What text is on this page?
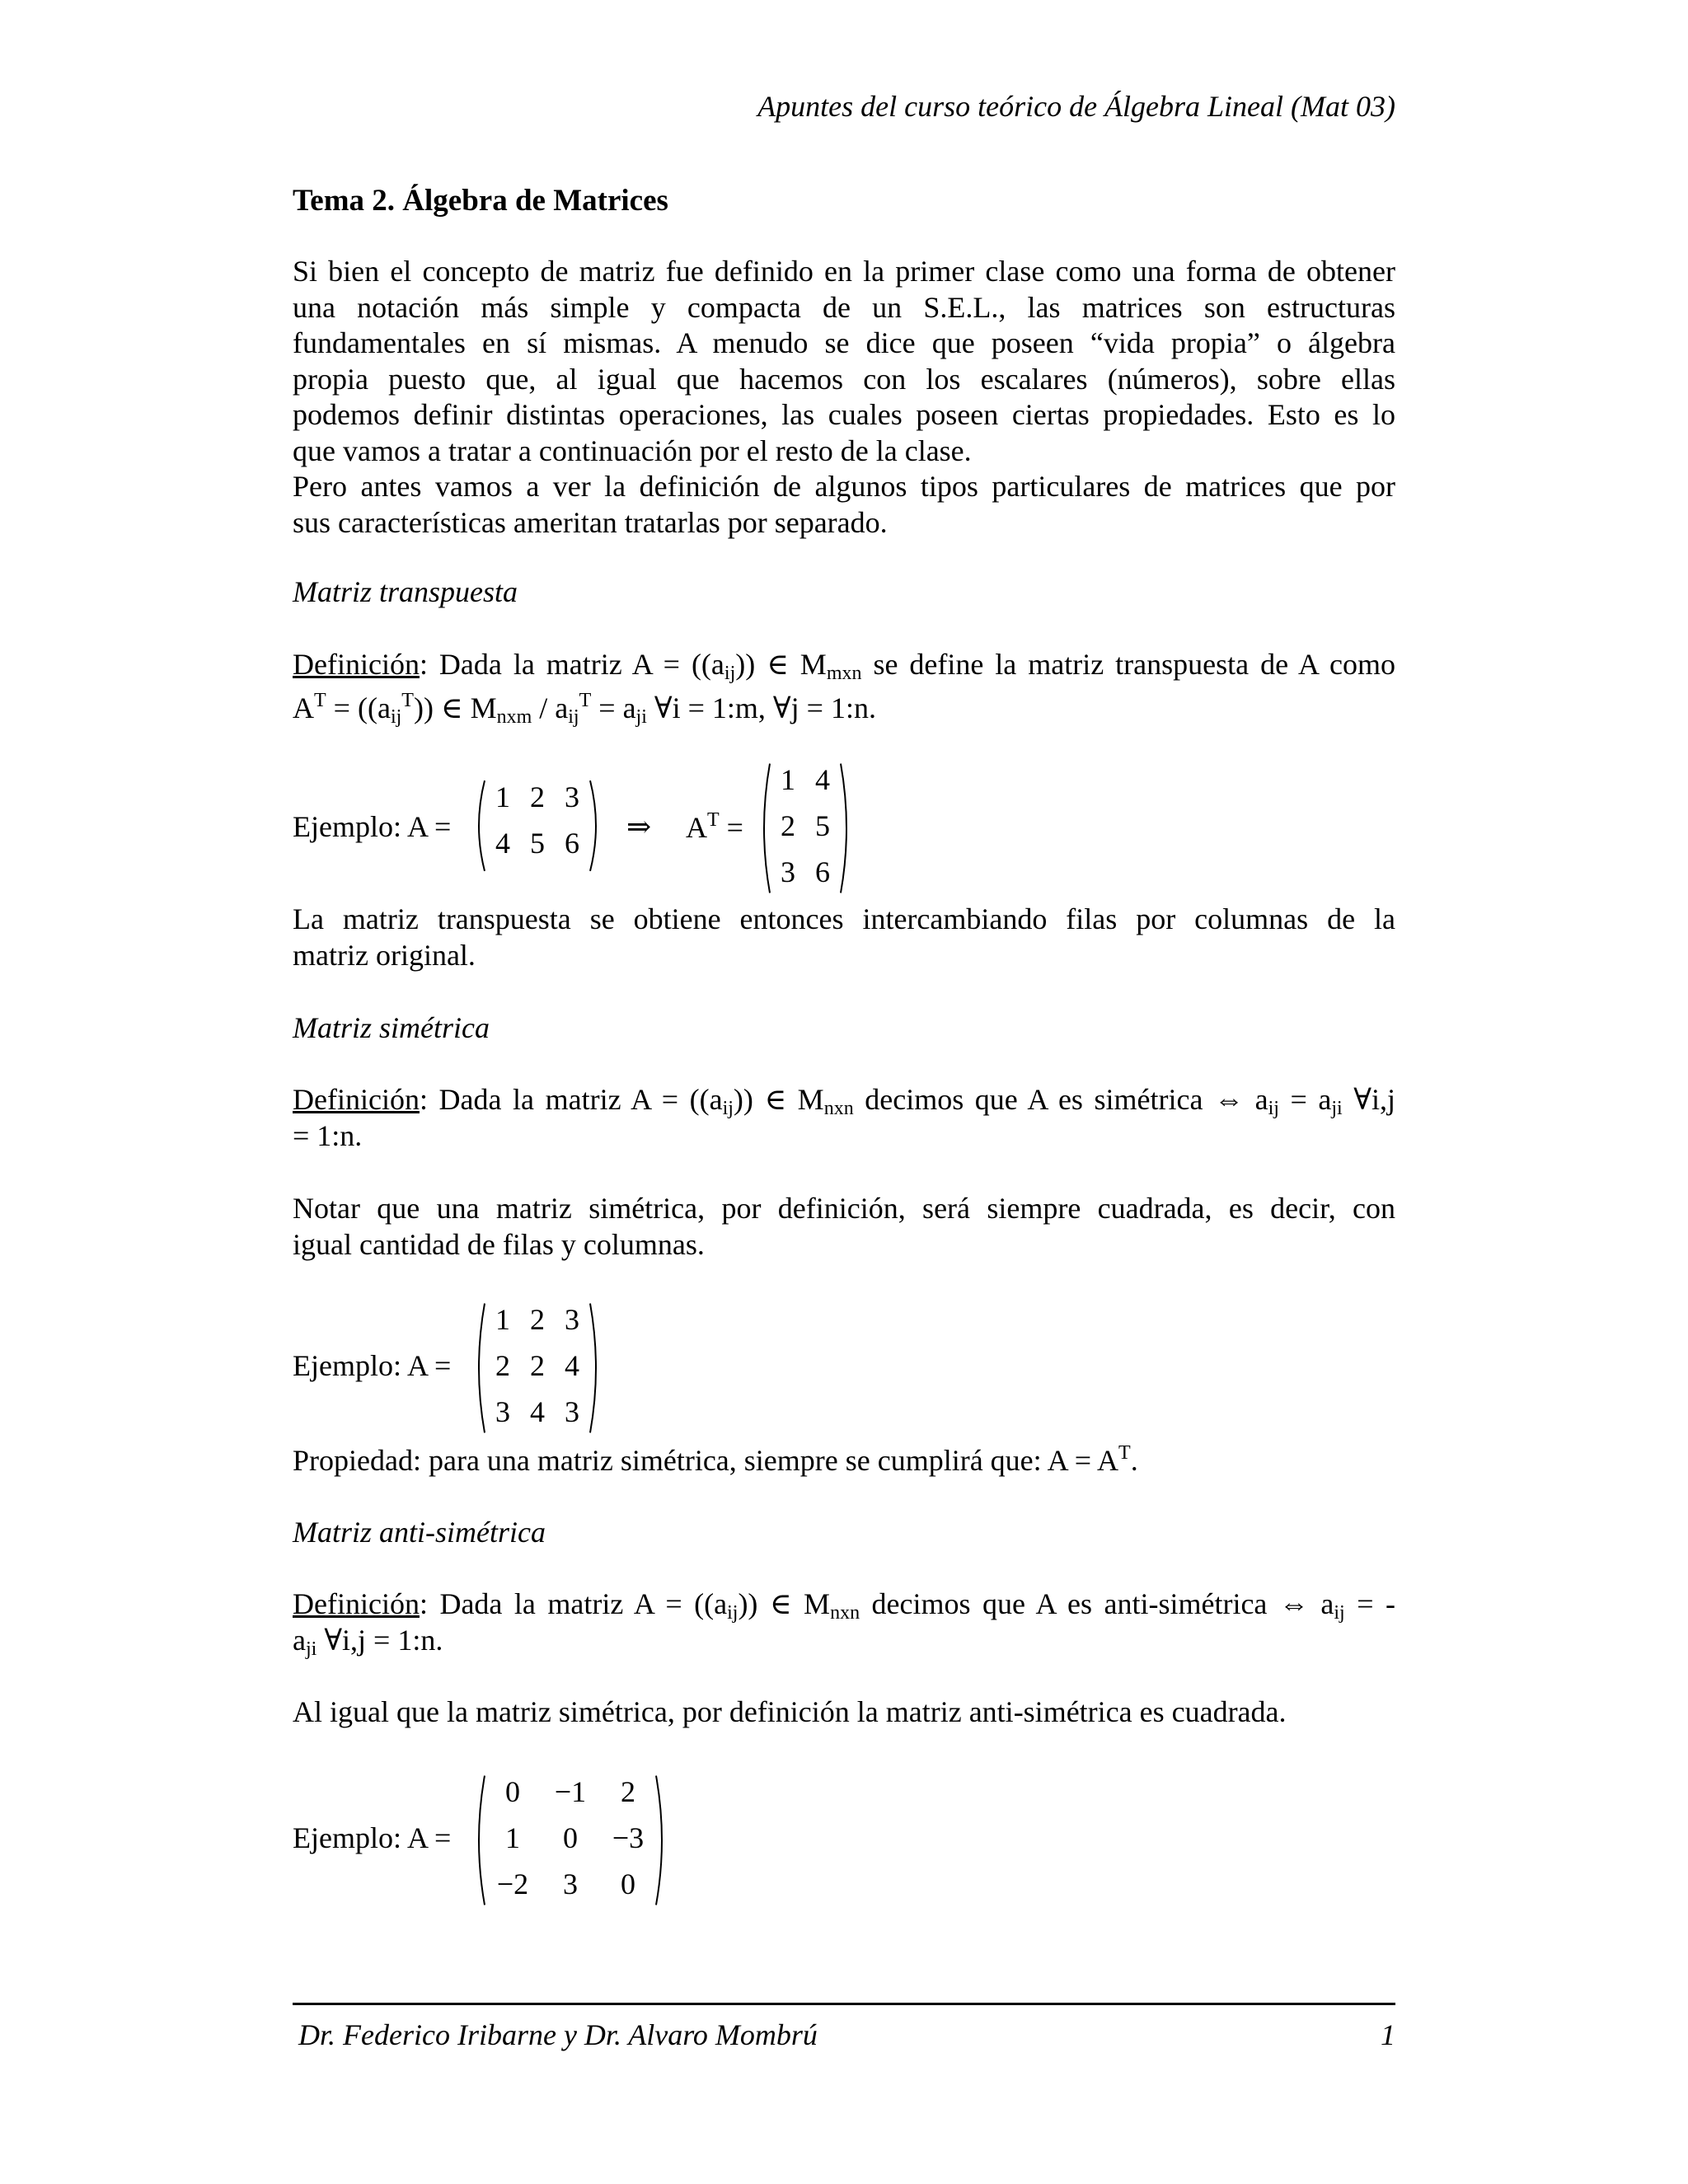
Apuntes del curso teórico de Álgebra Lineal (Mat 03)
Tema 2. Álgebra de Matrices
Si bien el concepto de matriz fue definido en la primer clase como una forma de obtener
una notación más simple y compacta de un S.E.L., las matrices son estructuras
fundamentales en sí mismas. A menudo se dice que poseen “vida propia” o álgebra
propia puesto que, al igual que hacemos con los escalares (números), sobre ellas
podemos definir distintas operaciones, las cuales poseen ciertas propiedades. Esto es lo
que vamos a tratar a continuación por el resto de la clase.
Pero antes vamos a ver la definición de algunos tipos particulares de matrices que por
sus características ameritan tratarlas por separado.
Matriz transpuesta
Definición: Dada la matriz $A = ((a_{ij}))$ ∈ $M_{mxn}$ se define la matriz transpuesta de A como
$A^T = ((a_{ij}^T))$ ∈ $M_{nxm} / a_{ij}^T = a_{ji}$ ∀i = 1:m, ∀j = 1:n.
Ejemplo: A =
1 2 3
4 5 6	⇒ $A^T$ =
1 4
2 5
3 6
La matriz transpuesta se obtiene entonces intercambiando filas por columnas de la
matriz original.
Matriz simétrica
Definición: Dada la matriz $A = ((a_{ij}))$ ∈ $M_{nxn}$ decimos que A es simétrica ⇔ $a_{ij} = a_{ji}$ ∀i,j
= 1:n.
Notar que una matriz simétrica, por definición, será siempre cuadrada, es decir, con
igual cantidad de filas y columnas.
Ejemplo: A =
1 2 3
2 2 4
3 4 3
Propiedad: para una matriz simétrica, siempre se cumplirá que: $A = A^T$.
Matriz anti-simétrica
Definición: Dada la matriz $A = ((a_{ij}))$ ∈ $M_{nxn}$ decimos que A es anti-simétrica ⇔ $a_{ij}$ = -
$a_{ji}$ ∀i,j = 1:n.
Al igual que la matriz simétrica, por definición la matriz anti-simétrica es cuadrada.
Ejemplo: A =
0	−1	2
1	0	−3
−2	3	0
Dr. Federico Iribarne y Dr. Alvaro Mombrú	1
